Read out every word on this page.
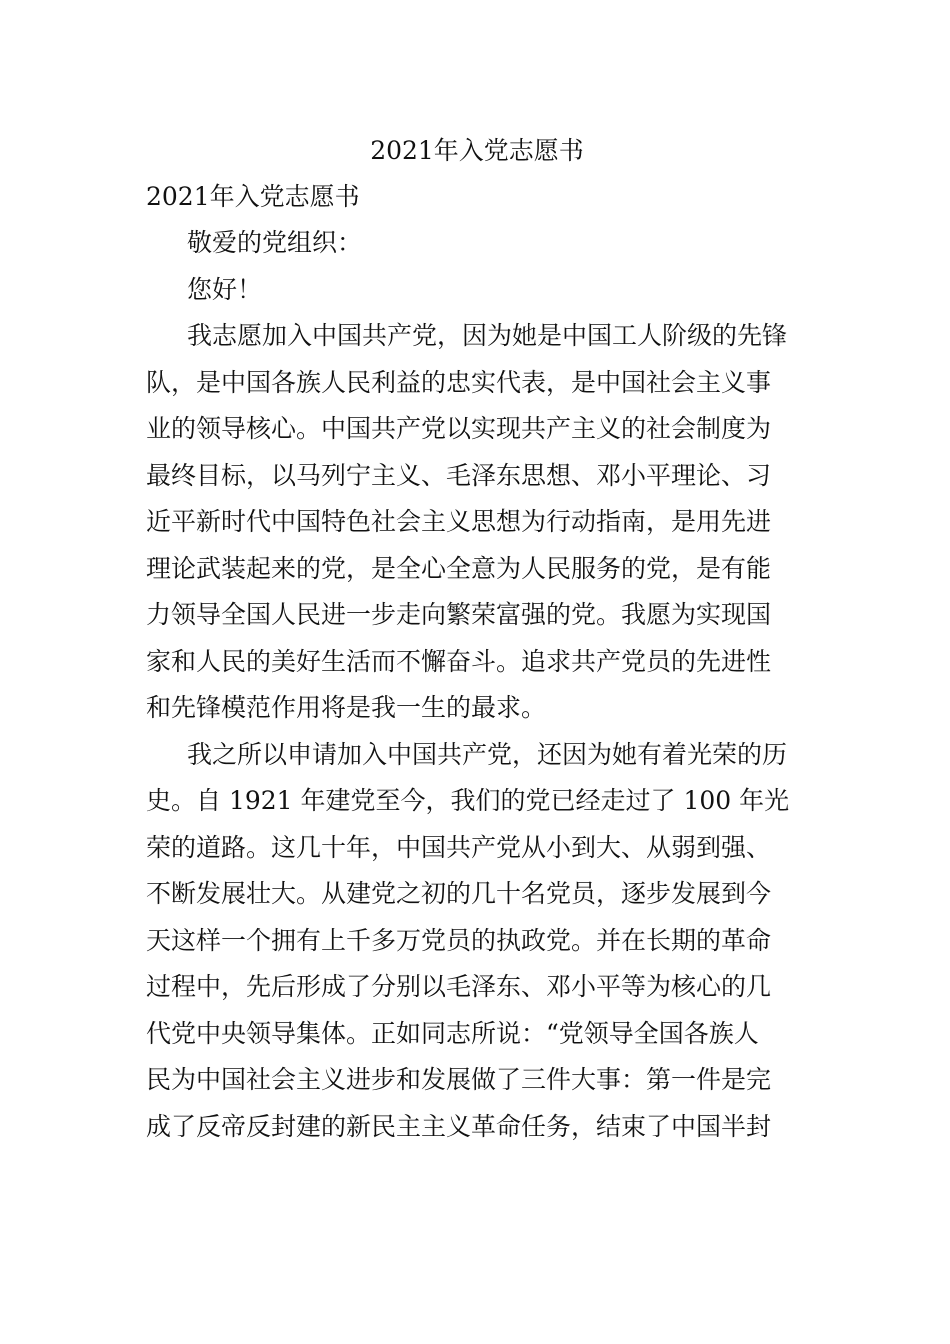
2021年入党志愿书
2021年入党志愿书

敬爱的党组织：

您好！

我志愿加入中国共产党，因为她是中国工人阶级的先锋
队，是中国各族人民利益的忠实代表，是中国社会主义事
业的领导核心。中国共产党以实现共产主义的社会制度为
最终目标，以马列宁主义、毛泽东思想、邓小平理论、习
近平新时代中国特色社会主义思想为行动指南，是用先进
理论武装起来的党，是全心全意为人民服务的党，是有能
力领导全国人民进一步走向繁荣富强的党。我愿为实现国
家和人民的美好生活而不懈奋斗。追求共产党员的先进性
和先锋模范作用将是我一生的最求。

我之所以申请加入中国共产党，还因为她有着光荣的历
史。自 1921 年建党至今，我们的党已经走过了 100 年光
荣的道路。这几十年，中国共产党从小到大、从弱到强、
不断发展壮大。从建党之初的几十名党员，逐步发展到今
天这样一个拥有上千多万党员的执政党。并在长期的革命
过程中，先后形成了分别以毛泽东、邓小平等为核心的几
代党中央领导集体。正如同志所说：“党领导全国各族人
民为中国社会主义进步和发展做了三件大事：第一件是完
成了反帝反封建的新民主主义革命任务，结束了中国半封
